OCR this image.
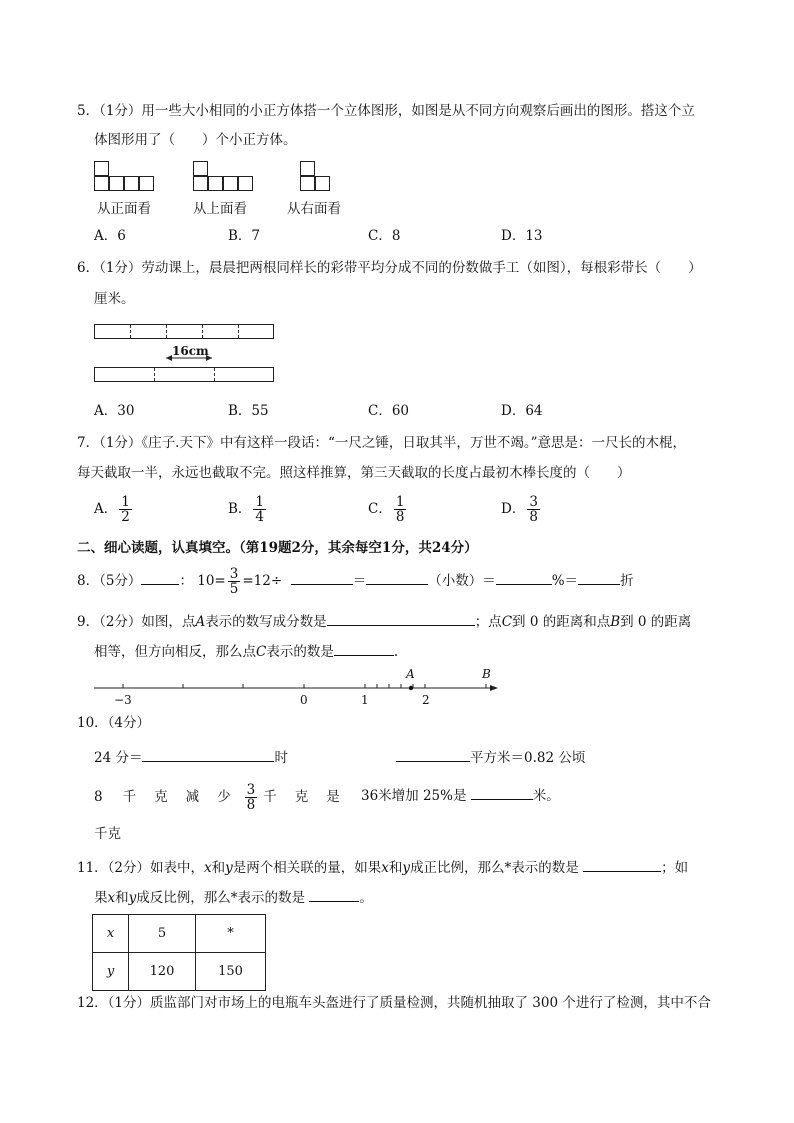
5．（1分）用一些大小相同的小正方体搭一个立体图形，如图是从不同方向观察后画出的图形。搭这个立
体图形用了（　　）个小正方体。
从正面看	从上面看	从右面看
A．6	B．7	C．8	D．13
6．（1分）劳动课上，晨晨把两根同样长的彩带平均分成不同的份数做手工（如图），每根彩带长（　　）
厘米。
16cm
A．30	B．55	C．60	D．64
7．（1分）《庄子.天下》中有这样一段话：“一尺之锤，日取其半，万世不竭。”意思是：一尺长的木棍，
每天截取一半，永远也截取不完。照这样推算，第三天截取的长度占最初木棒长度的（　　）
A． $\frac{1}{2}$	B． $\frac{1}{4}$	C． $\frac{1}{8}$	D． $\frac{3}{8}$
二、细心读题，认真填空。（第19题2分，其余每空1分，共24分）
8．（5分）	： $10= \frac{3}{5} =12\div$	＝	（小数）＝	%＝	折
9．（2分）如图，点A表示的数写成分数是	；点C到 0 的距离和点B到 0 的距离
相等，但方向相反，那么点C表示的数是	.
A	B
−3	0	1	2
10．（4分）
24 分＝	时	平方米＝0.82 公顷
8 千 克 减 少 $\frac{3}{8}$ 千 克 是 36米增加 25%是	米。
千克
11．（2分）如表中，x和y是两个相关联的量，如果x和y成正比例，那么*表示的数是	；如
果x和y成反比例，那么*表示的数是	。
x	5	*
y	120	150
12．（1分）质监部门对市场上的电瓶车头盔进行了质量检测，共随机抽取了 300 个进行了检测，其中不合
